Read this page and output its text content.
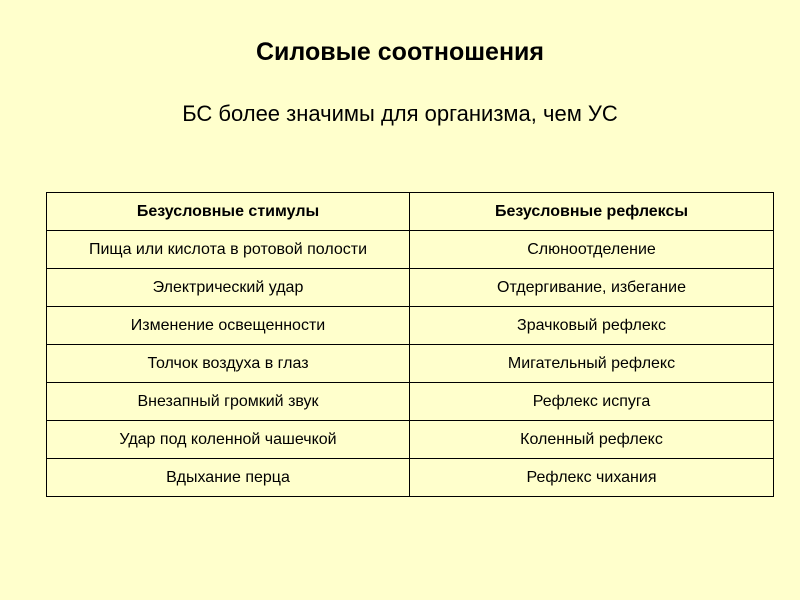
Силовые соотношения
БС более значимы для организма, чем УС
Безусловные стимулы	Безусловные рефлексы
Пища или кислота в ротовой полости	Слюноотделение
Электрический удар	Отдергивание, избегание
Изменение освещенности	Зрачковый рефлекс
Толчок воздуха в глаз	Мигательный рефлекс
Внезапный громкий звук	Рефлекс испуга
Удар под коленной чашечкой	Коленный рефлекс
Вдыхание перца	Рефлекс чихания
